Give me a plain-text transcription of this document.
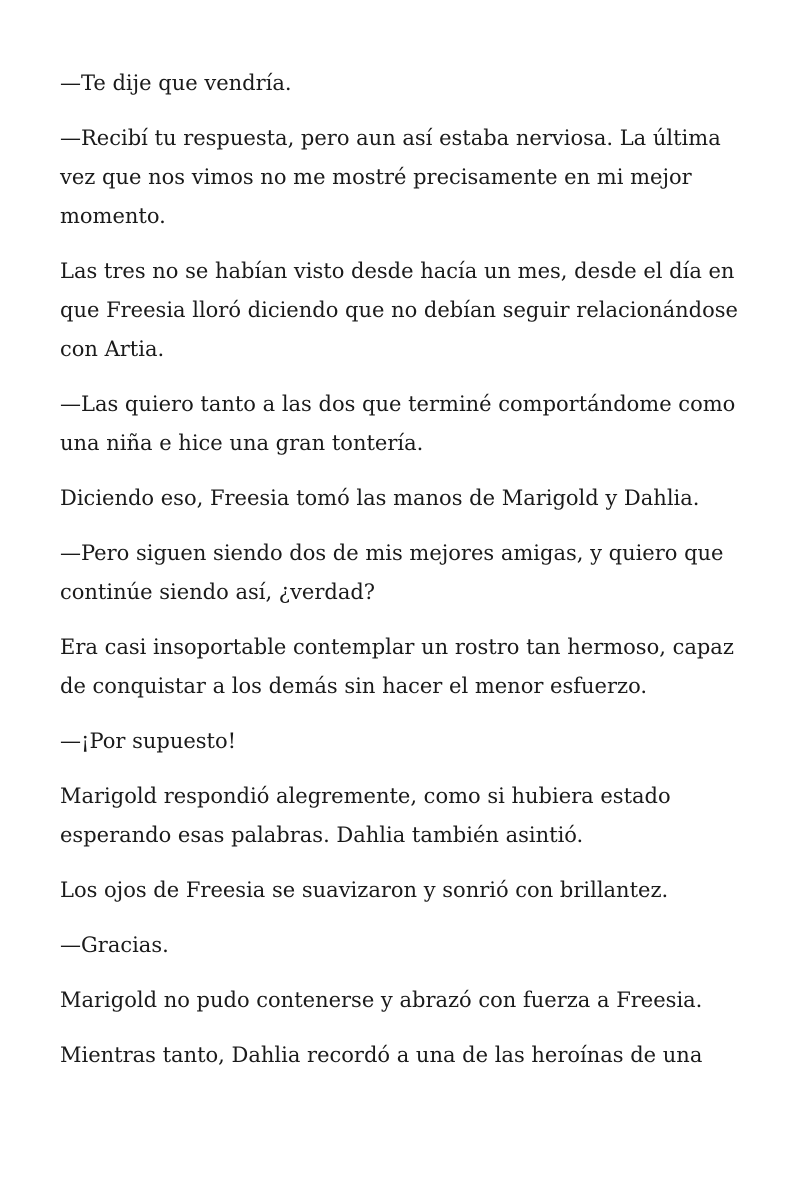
—Te dije que vendría.

—Recibí tu respuesta, pero aun así estaba nerviosa. La última vez que nos vimos no me mostré precisamente en mi mejor momento.

Las tres no se habían visto desde hacía un mes, desde el día en que Freesia lloró diciendo que no debían seguir relacionándose con Artia.

—Las quiero tanto a las dos que terminé comportándome como una niña e hice una gran tontería.

Diciendo eso, Freesia tomó las manos de Marigold y Dahlia.

—Pero siguen siendo dos de mis mejores amigas, y quiero que continúe siendo así, ¿verdad?

Era casi insoportable contemplar un rostro tan hermoso, capaz de conquistar a los demás sin hacer el menor esfuerzo.

—¡Por supuesto!

Marigold respondió alegremente, como si hubiera estado esperando esas palabras. Dahlia también asintió.

Los ojos de Freesia se suavizaron y sonrió con brillantez.

—Gracias.

Marigold no pudo contenerse y abrazó con fuerza a Freesia.

Mientras tanto, Dahlia recordó a una de las heroínas de una
